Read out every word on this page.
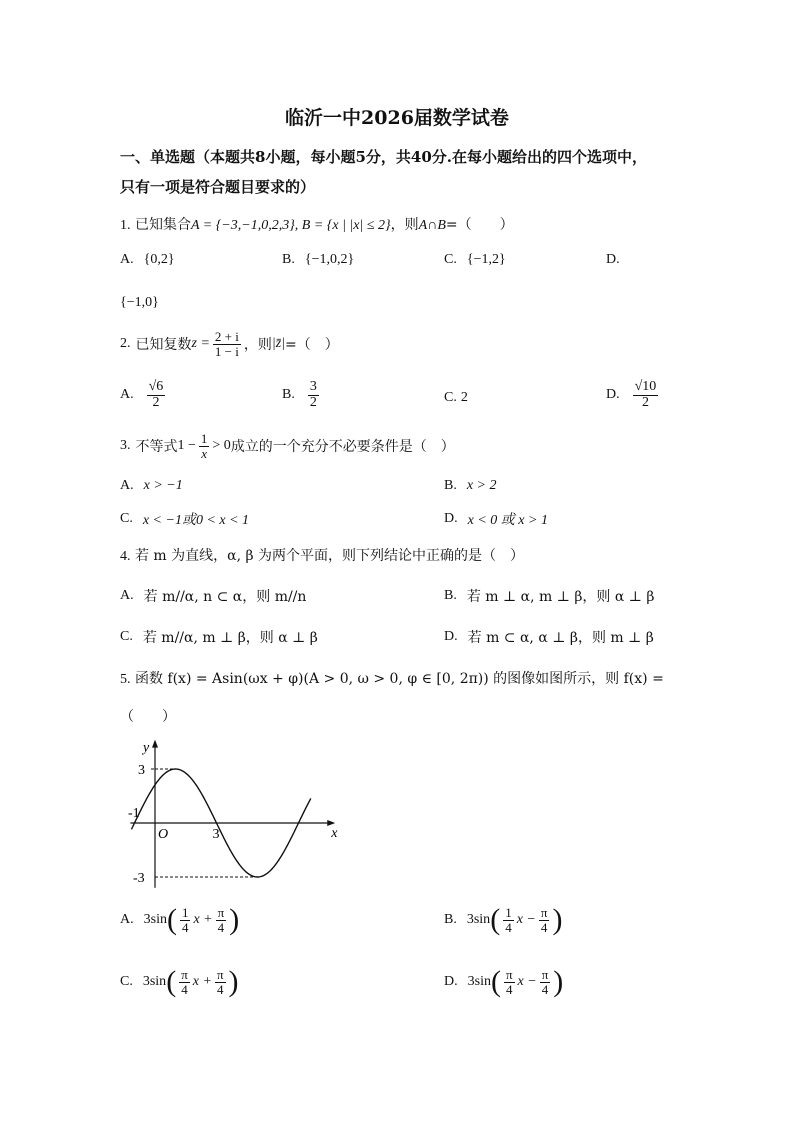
临沂一中2026届数学试卷
一、单选题（本题共8小题，每小题5分，共40分.在每小题给出的四个选项中，
只有一项是符合题目要求的）
1. 已知集合A = {−3,−1,0,2,3}, B = {x | |x| ≤ 2}，则A∩B=（　　）
A. {0,2}	B. {−1,0,2}	C. {−1,2}	D.
{−1,0}
2. 已知复数 $z = \frac{2 + i}{1 - i}$ ，则 |z̄| =（　）
A. $\frac{√6}{2}$	B. $\frac{3}{2}$	C. 2	D. $\frac{√10}{2}$
3. 不等式 $1 - \frac{1}{x} > 0$ 成立的一个充分不必要条件是（　）
A. x > −1	B. x > 2
C. x < −1或0 < x < 1	D. x < 0 或 x > 1
4. 若 m 为直线，α, β 为两个平面，则下列结论中正确的是（　）
A. 若 m//α, n ⊂ α，则 m//n	B. 若 m ⊥ α, m ⊥ β，则 α ⊥ β
C. 若 m//α, m ⊥ β，则 α ⊥ β	D. 若 m ⊂ α, α ⊥ β，则 m ⊥ β
5. 函数 f(x) = Asin(ωx + φ)(A > 0, ω > 0, φ ∈ [0, 2π)) 的图像如图所示，则 f(x) =
（　　）
y
x
O
3
-3
-1
3
A. 3sin ( $\frac{1}{4}$ $x + \frac{\pi}{4}$ )	B. 3sin ( $\frac{1}{4}$ $x - \frac{\pi}{4}$ )
C. 3sin ( $\frac{\pi}{4}$ $x + \frac{\pi}{4}$ )	D. 3sin ( $\frac{\pi}{4}$ $x - \frac{\pi}{4}$ )
